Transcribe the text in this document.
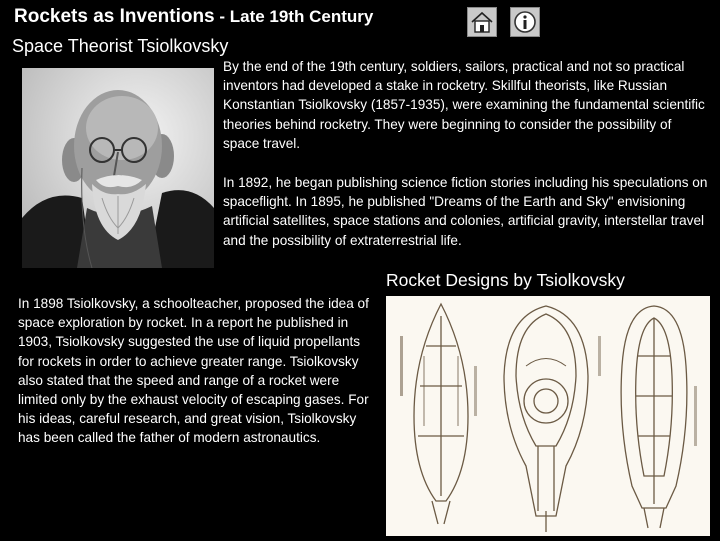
Rockets as Inventions - Late 19th Century
Space Theorist Tsiolkovsky

By the end of the 19th century, soldiers, sailors, practical and not so practical inventors had developed a stake in rocketry. Skillful theorists, like Russian Konstantian Tsiolkovsky (1857-1935), were examining the fundamental scientific theories behind rocketry. They were beginning to consider the possibility of space travel.

In 1892, he began publishing science fiction stories including his speculations on spaceflight. In 1895, he published "Dreams of the Earth and Sky" envisioning artificial satellites, space stations and colonies, artificial gravity, interstellar travel and the possibility of extraterrestrial life.

Rocket Designs by Tsiolkovsky

In 1898 Tsiolkovsky, a schoolteacher, proposed the idea of space exploration by rocket. In a report he published in 1903, Tsiolkovsky suggested the use of liquid propellants for rockets in order to achieve greater range. Tsiolkovsky also stated that the speed and range of a rocket were limited only by the exhaust velocity of escaping gases. For his ideas, careful research, and great vision, Tsiolkovsky has been called the father of modern astronautics.
